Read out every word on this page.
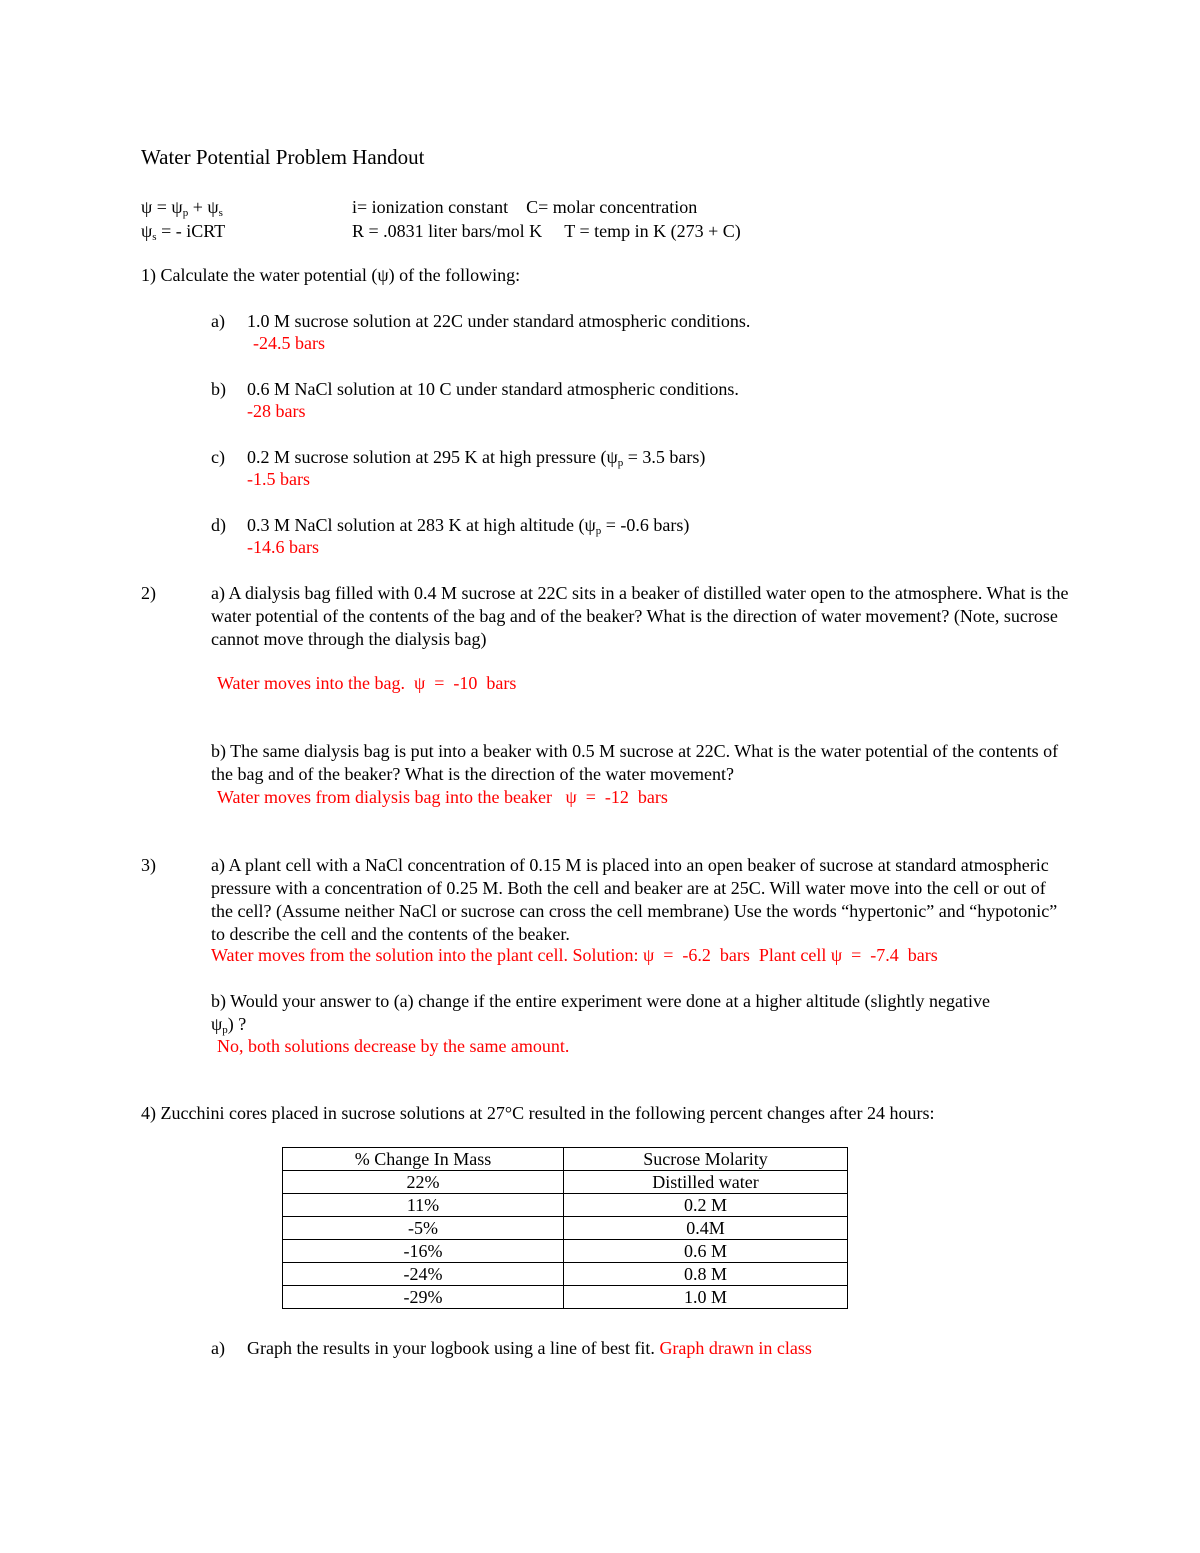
Water Potential Problem Handout
$\psi = \psi_p + \psi_s$
$\psi_s$ = - iCRT
i= ionization constant    C= molar concentration
R = .0831 liter bars/mol K     T = temp in K (273 + C)
1) Calculate the water potential (ψ) of the following:
a) 1.0 M sucrose solution at 22C under standard atmospheric conditions.
-24.5 bars
b) 0.6 M NaCl solution at 10 C under standard atmospheric conditions.
-28 bars
c) 0.2 M sucrose solution at 295 K at high pressure ($\psi_p = 3.5$ bars)
-1.5 bars
d) 0.3 M NaCl solution at 283 K at high altitude ($\psi_p = -0.6$ bars)
-14.6 bars
2)	a) A dialysis bag filled with 0.4 M sucrose at 22C sits in a beaker of distilled water open to the atmosphere. What is the water potential of the contents of the bag and of the beaker? What is the direction of water movement? (Note, sucrose cannot move through the dialysis bag)
Water moves into the bag.  ψ  =  -10  bars
b) The same dialysis bag is put into a beaker with 0.5 M sucrose at 22C. What is the water potential of the contents of the bag and of the beaker? What is the direction of the water movement?
Water moves from dialysis bag into the beaker   ψ  =  -12  bars
3)	a) A plant cell with a NaCl concentration of 0.15 M is placed into an open beaker of sucrose at standard atmospheric pressure with a concentration of 0.25 M. Both the cell and beaker are at 25C. Will water move into the cell or out of the cell? (Assume neither NaCl or sucrose can cross the cell membrane) Use the words “hypertonic” and “hypotonic” to describe the cell and the contents of the beaker.
Water moves from the solution into the plant cell. Solution: ψ  =  -6.2  bars  Plant cell ψ  =  -7.4  bars
b) Would your answer to (a) change if the entire experiment were done at a higher altitude (slightly negative $\psi_p$) ?
No, both solutions decrease by the same amount.
4) Zucchini cores placed in sucrose solutions at 27°C resulted in the following percent changes after 24 hours:
% Change In Mass	Sucrose Molarity
22%	Distilled water
11%	0.2 M
-5%	0.4M
-16%	0.6 M
-24%	0.8 M
-29%	1.0 M
a) Graph the results in your logbook using a line of best fit. Graph drawn in class
